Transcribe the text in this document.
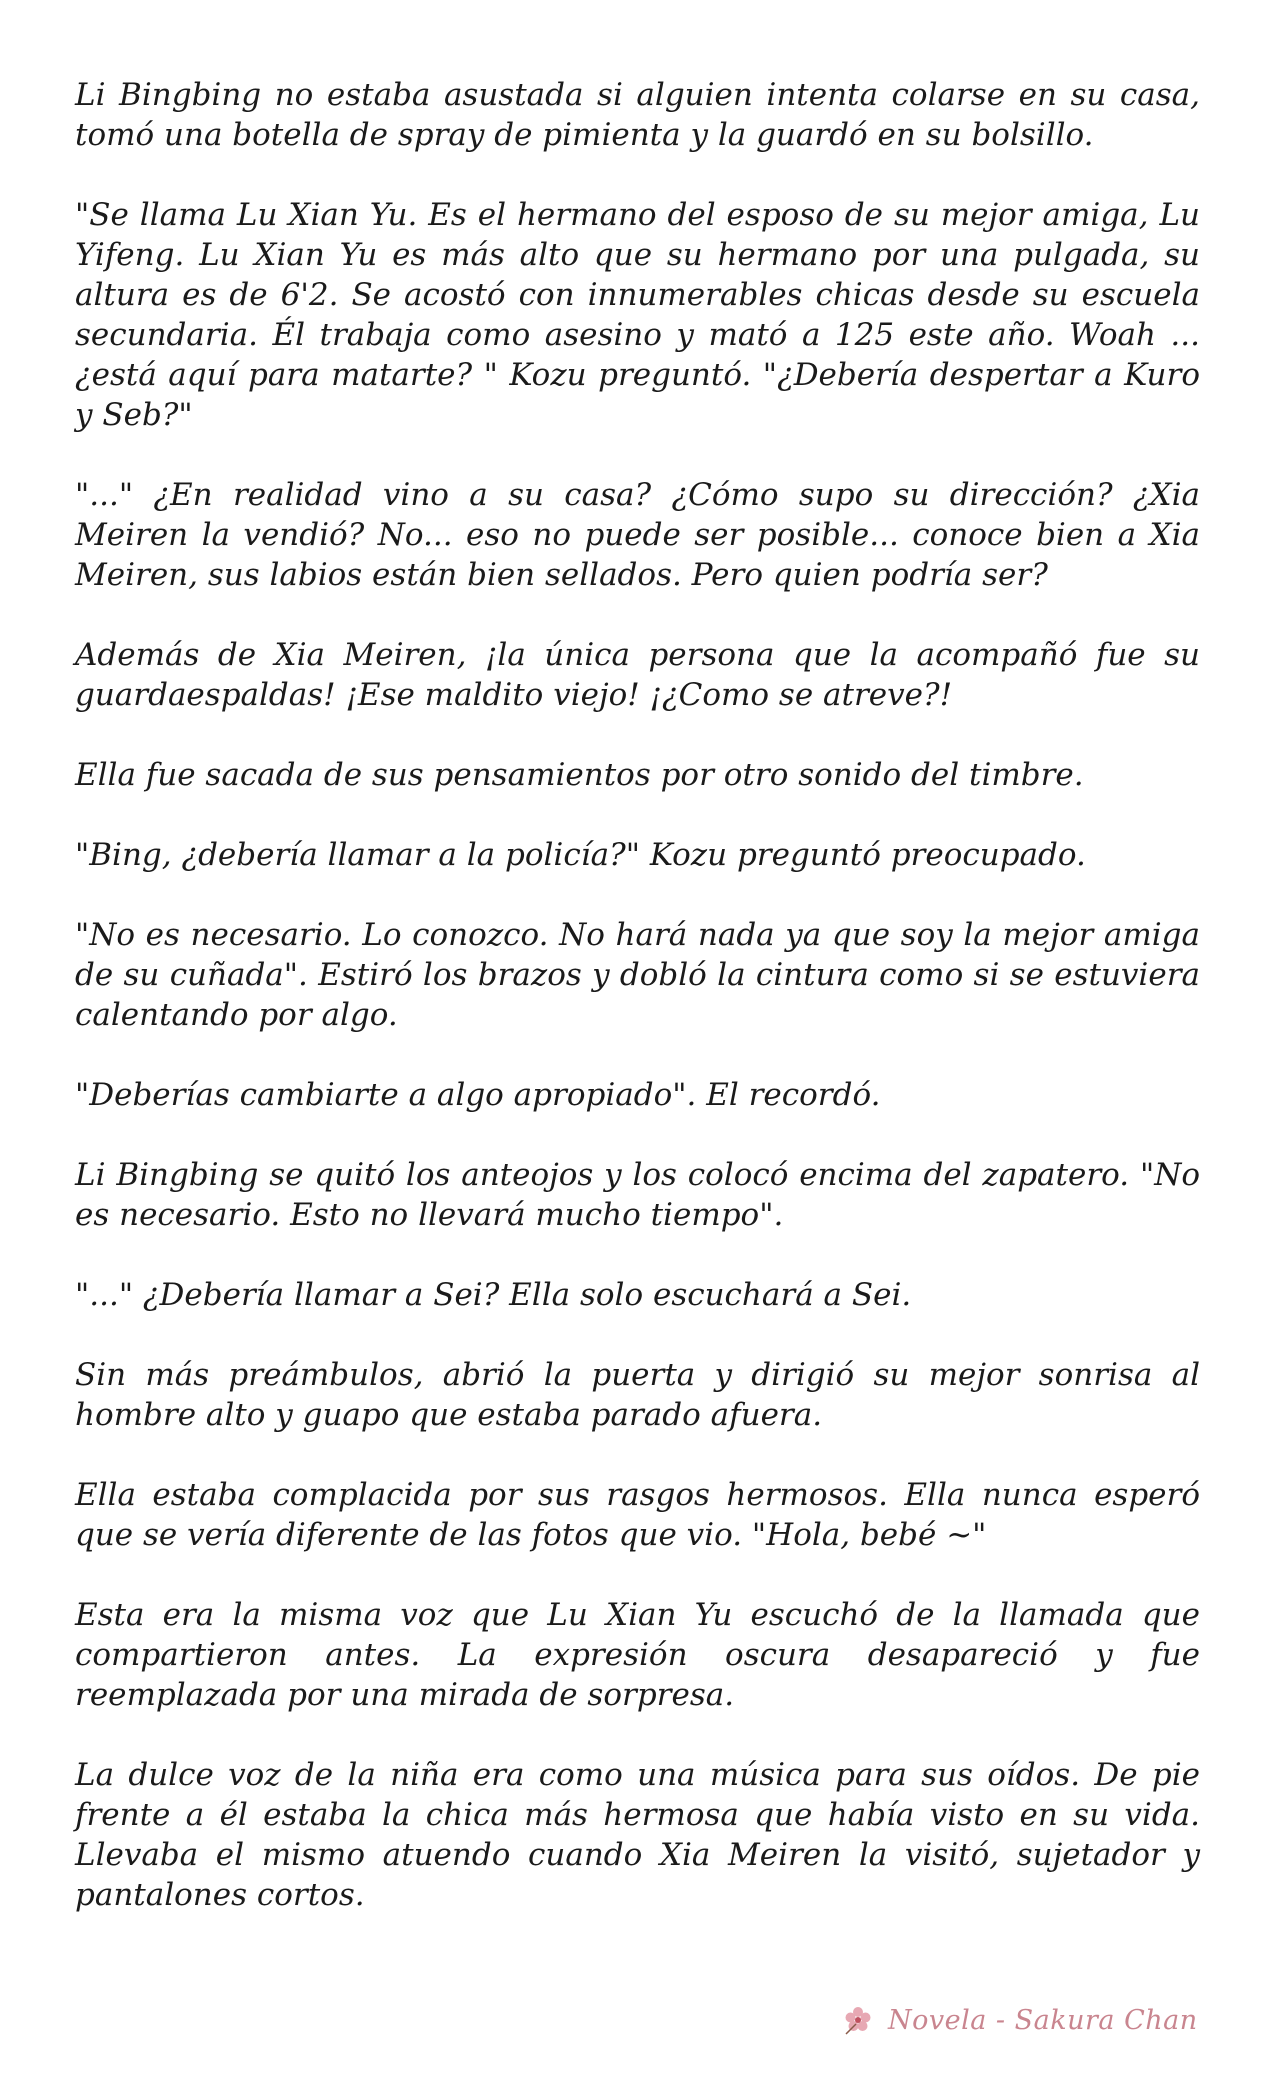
Li Bingbing no estaba asustada si alguien intenta colarse en su casa, tomó una botella de spray de pimienta y la guardó en su bolsillo.

"Se llama Lu Xian Yu. Es el hermano del esposo de su mejor amiga, Lu Yifeng. Lu Xian Yu es más alto que su hermano por una pulgada, su altura es de 6'2. Se acostó con innumerables chicas desde su escuela secundaria. Él trabaja como asesino y mató a 125 este año. Woah ... ¿está aquí para matarte? " Kozu preguntó. "¿Debería despertar a Kuro y Seb?"

"..." ¿En realidad vino a su casa? ¿Cómo supo su dirección? ¿Xia Meiren la vendió? No... eso no puede ser posible... conoce bien a Xia Meiren, sus labios están bien sellados. Pero quien podría ser?

Además de Xia Meiren, ¡la única persona que la acompañó fue su guardaespaldas! ¡Ese maldito viejo! ¡¿Como se atreve?!

Ella fue sacada de sus pensamientos por otro sonido del timbre.

"Bing, ¿debería llamar a la policía?" Kozu preguntó preocupado.

"No es necesario. Lo conozco. No hará nada ya que soy la mejor amiga de su cuñada". Estiró los brazos y dobló la cintura como si se estuviera calentando por algo.

"Deberías cambiarte a algo apropiado". El recordó.

Li Bingbing se quitó los anteojos y los colocó encima del zapatero. "No es necesario. Esto no llevará mucho tiempo".

"..." ¿Debería llamar a Sei? Ella solo escuchará a Sei.

Sin más preámbulos, abrió la puerta y dirigió su mejor sonrisa al hombre alto y guapo que estaba parado afuera.

Ella estaba complacida por sus rasgos hermosos. Ella nunca esperó que se vería diferente de las fotos que vio. "Hola, bebé ~"

Esta era la misma voz que Lu Xian Yu escuchó de la llamada que compartieron antes. La expresión oscura desapareció y fue reemplazada por una mirada de sorpresa.

La dulce voz de la niña era como una música para sus oídos. De pie frente a él estaba la chica más hermosa que había visto en su vida. Llevaba el mismo atuendo cuando Xia Meiren la visitó, sujetador y pantalones cortos.

Novela - Sakura Chan
